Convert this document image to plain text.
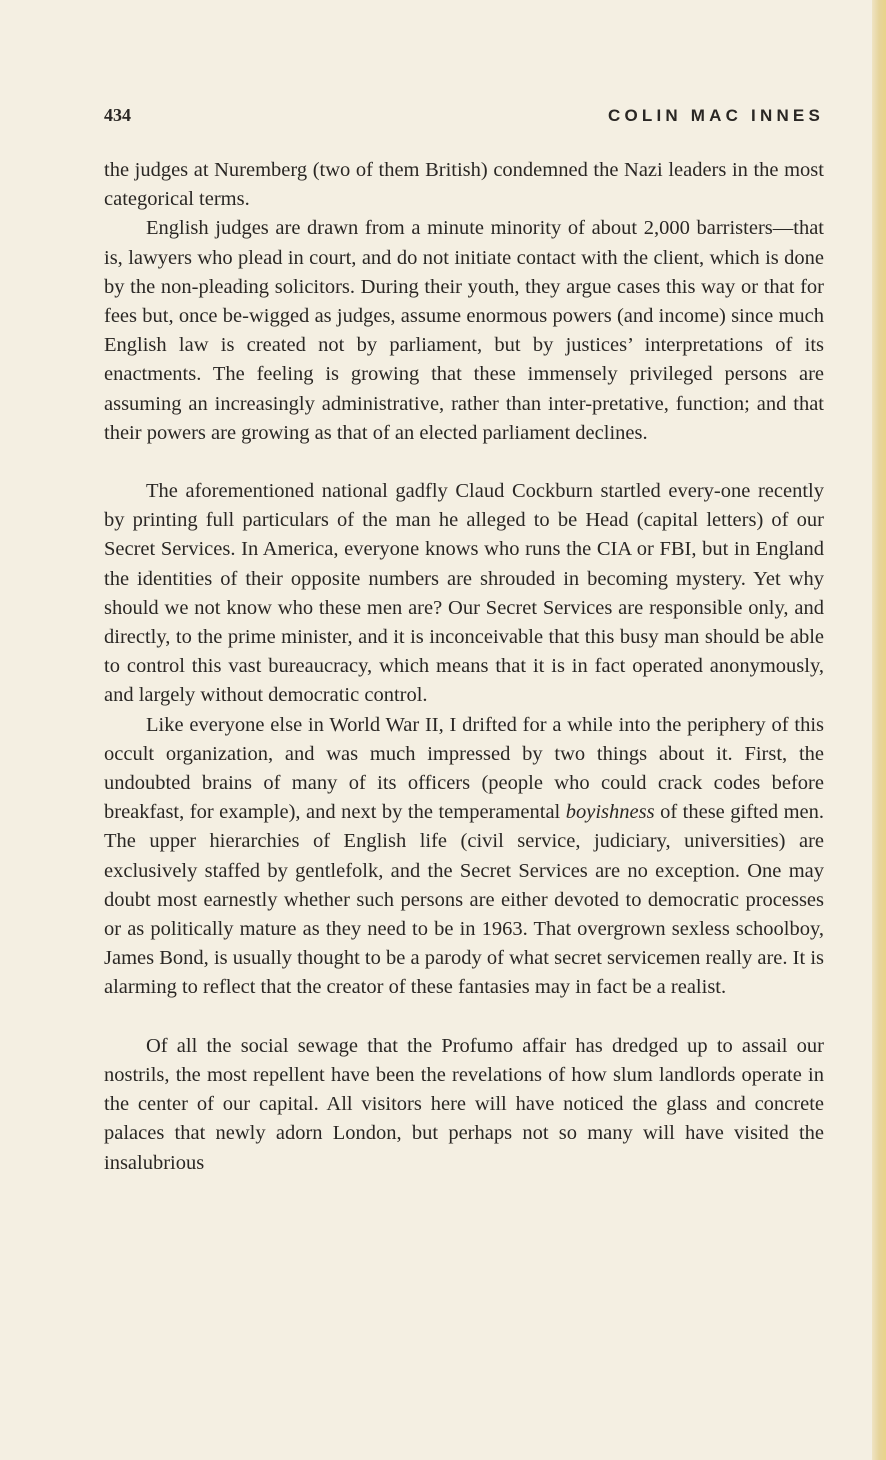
434	COLIN MAC INNES

the judges at Nuremberg (two of them British) condemned the Nazi leaders in the most categorical terms.

English judges are drawn from a minute minority of about 2,000 barristers—that is, lawyers who plead in court, and do not initiate contact with the client, which is done by the non-pleading solicitors. During their youth, they argue cases this way or that for fees but, once be-wigged as judges, assume enormous powers (and income) since much English law is created not by parliament, but by justices’ interpretations of its enactments. The feeling is growing that these immensely privileged persons are assuming an increasingly administrative, rather than inter-pretative, function; and that their powers are growing as that of an elected parliament declines.

The aforementioned national gadfly Claud Cockburn startled every-one recently by printing full particulars of the man he alleged to be Head (capital letters) of our Secret Services. In America, everyone knows who runs the CIA or FBI, but in England the identities of their opposite numbers are shrouded in becoming mystery. Yet why should we not know who these men are? Our Secret Services are responsible only, and directly, to the prime minister, and it is inconceivable that this busy man should be able to control this vast bureaucracy, which means that it is in fact operated anonymously, and largely without democratic control.

Like everyone else in World War II, I drifted for a while into the periphery of this occult organization, and was much impressed by two things about it. First, the undoubted brains of many of its officers (people who could crack codes before breakfast, for example), and next by the temperamental boyishness of these gifted men. The upper hierarchies of English life (civil service, judiciary, universities) are exclusively staffed by gentlefolk, and the Secret Services are no exception. One may doubt most earnestly whether such persons are either devoted to democratic processes or as politically mature as they need to be in 1963. That overgrown sexless schoolboy, James Bond, is usually thought to be a parody of what secret servicemen really are. It is alarming to reflect that the creator of these fantasies may in fact be a realist.

Of all the social sewage that the Profumo affair has dredged up to assail our nostrils, the most repellent have been the revelations of how slum landlords operate in the center of our capital. All visitors here will have noticed the glass and concrete palaces that newly adorn London, but perhaps not so many will have visited the insalubrious
